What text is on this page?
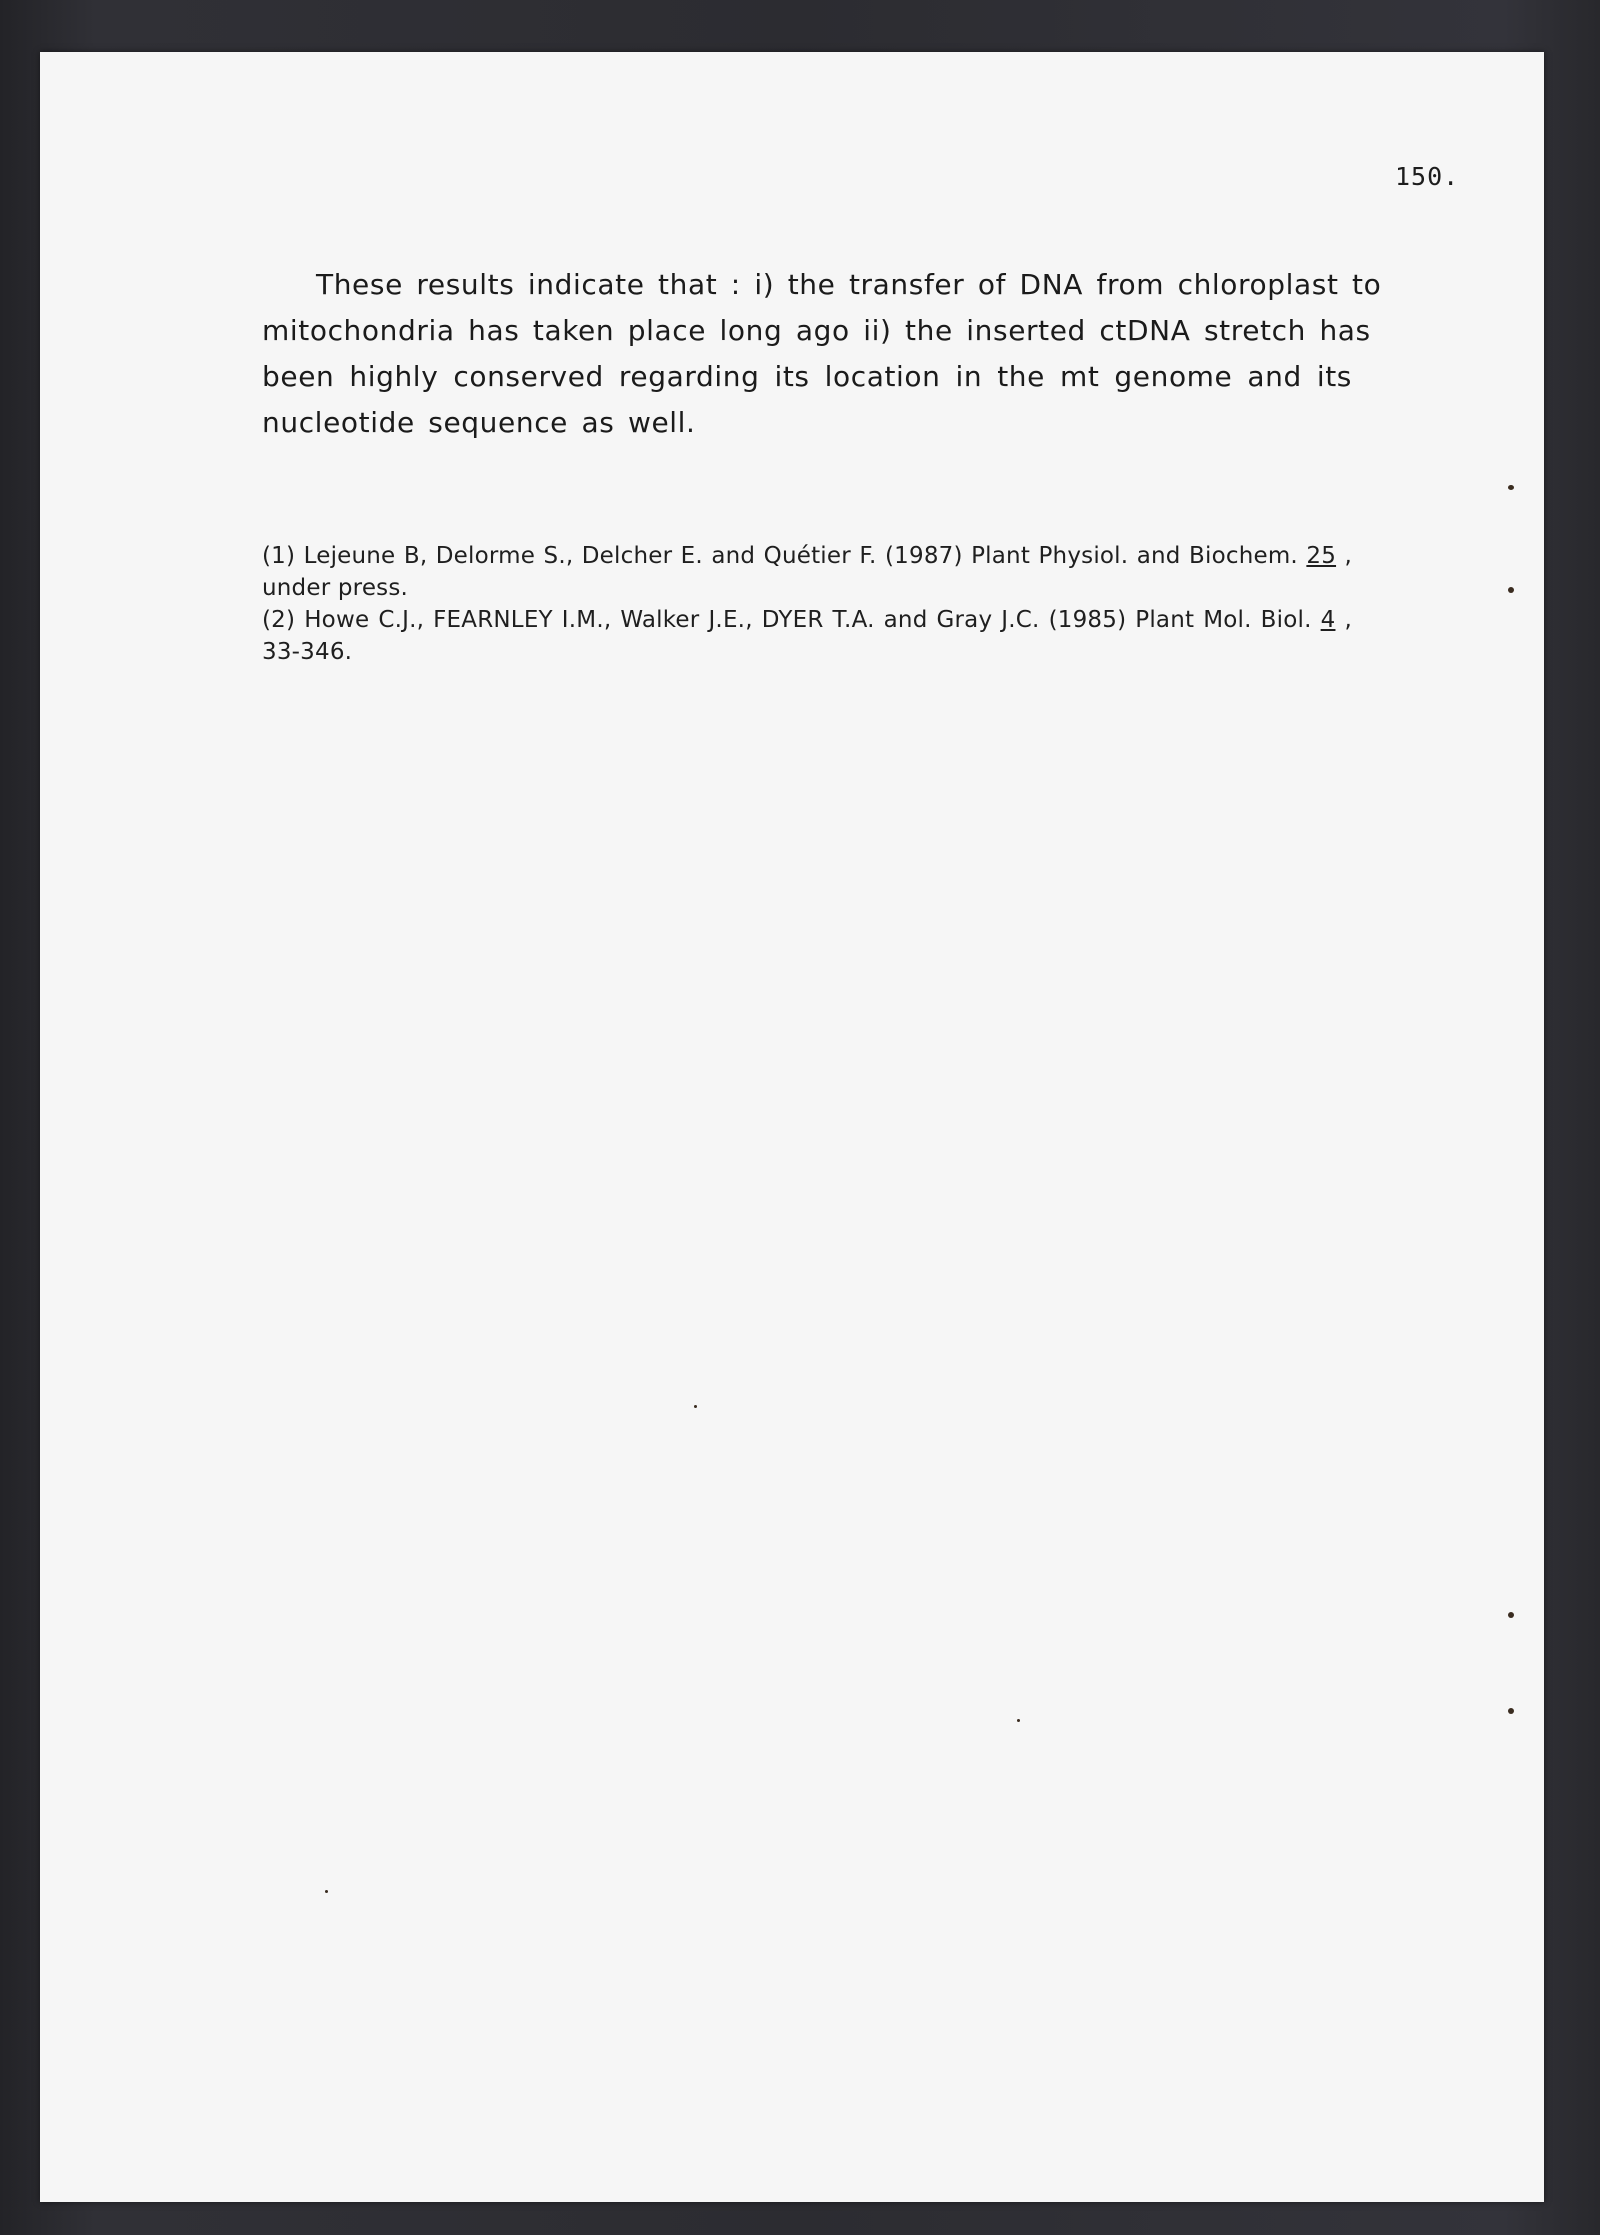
150.
These results indicate that : i) the transfer of DNA from chloroplast to
mitochondria has taken place long ago ii) the inserted ctDNA stretch has
been highly conserved regarding its location in the mt genome and its
nucleotide sequence as well.
(1) Lejeune B, Delorme S., Delcher E. and Quétier F. (1987) Plant Physiol. and Biochem. 25 ,
under press.
(2) Howe C.J., FEARNLEY I.M., Walker J.E., DYER T.A. and Gray J.C. (1985) Plant Mol. Biol. 4 ,
33-346.
